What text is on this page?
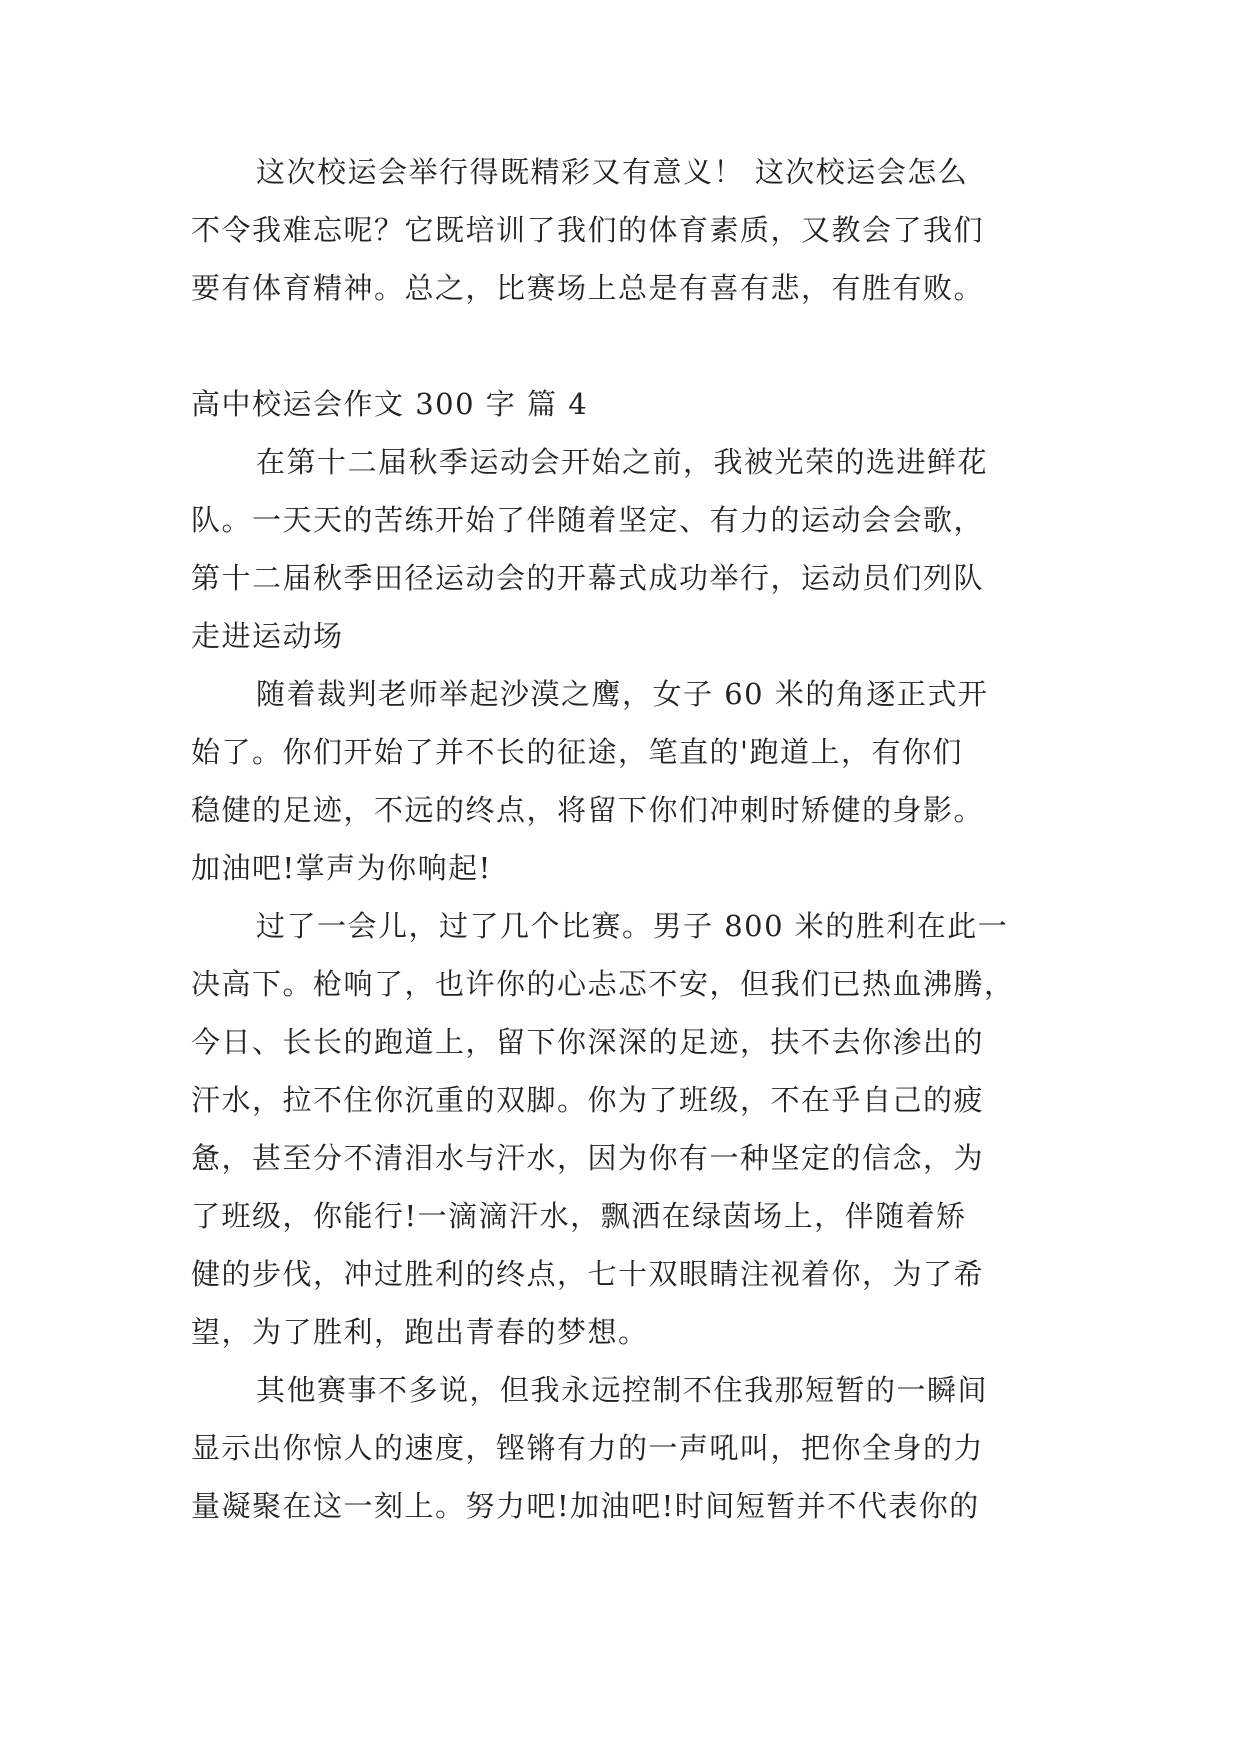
这次校运会举行得既精彩又有意义！ 这次校运会怎么
不令我难忘呢？它既培训了我们的体育素质，又教会了我们
要有体育精神。总之，比赛场上总是有喜有悲，有胜有败。
高中校运会作文 300 字 篇 4
在第十二届秋季运动会开始之前，我被光荣的选进鲜花
队。一天天的苦练开始了伴随着坚定、有力的运动会会歌，
第十二届秋季田径运动会的开幕式成功举行，运动员们列队
走进运动场
随着裁判老师举起沙漠之鹰，女子 60 米的角逐正式开
始了。你们开始了并不长的征途，笔直的'跑道上，有你们
稳健的足迹，不远的终点，将留下你们冲刺时矫健的身影。
加油吧!掌声为你响起!
过了一会儿，过了几个比赛。男子 800 米的胜利在此一
决高下。枪响了，也许你的心忐忑不安，但我们已热血沸腾，
今日、长长的跑道上，留下你深深的足迹，扶不去你渗出的
汗水，拉不住你沉重的双脚。你为了班级，不在乎自己的疲
惫，甚至分不清泪水与汗水，因为你有一种坚定的信念，为
了班级，你能行!一滴滴汗水，飘洒在绿茵场上，伴随着矫
健的步伐，冲过胜利的终点，七十双眼睛注视着你，为了希
望，为了胜利，跑出青春的梦想。
其他赛事不多说，但我永远控制不住我那短暂的一瞬间
显示出你惊人的速度，铿锵有力的一声吼叫，把你全身的力
量凝聚在这一刻上。努力吧!加油吧!时间短暂并不代表你的
